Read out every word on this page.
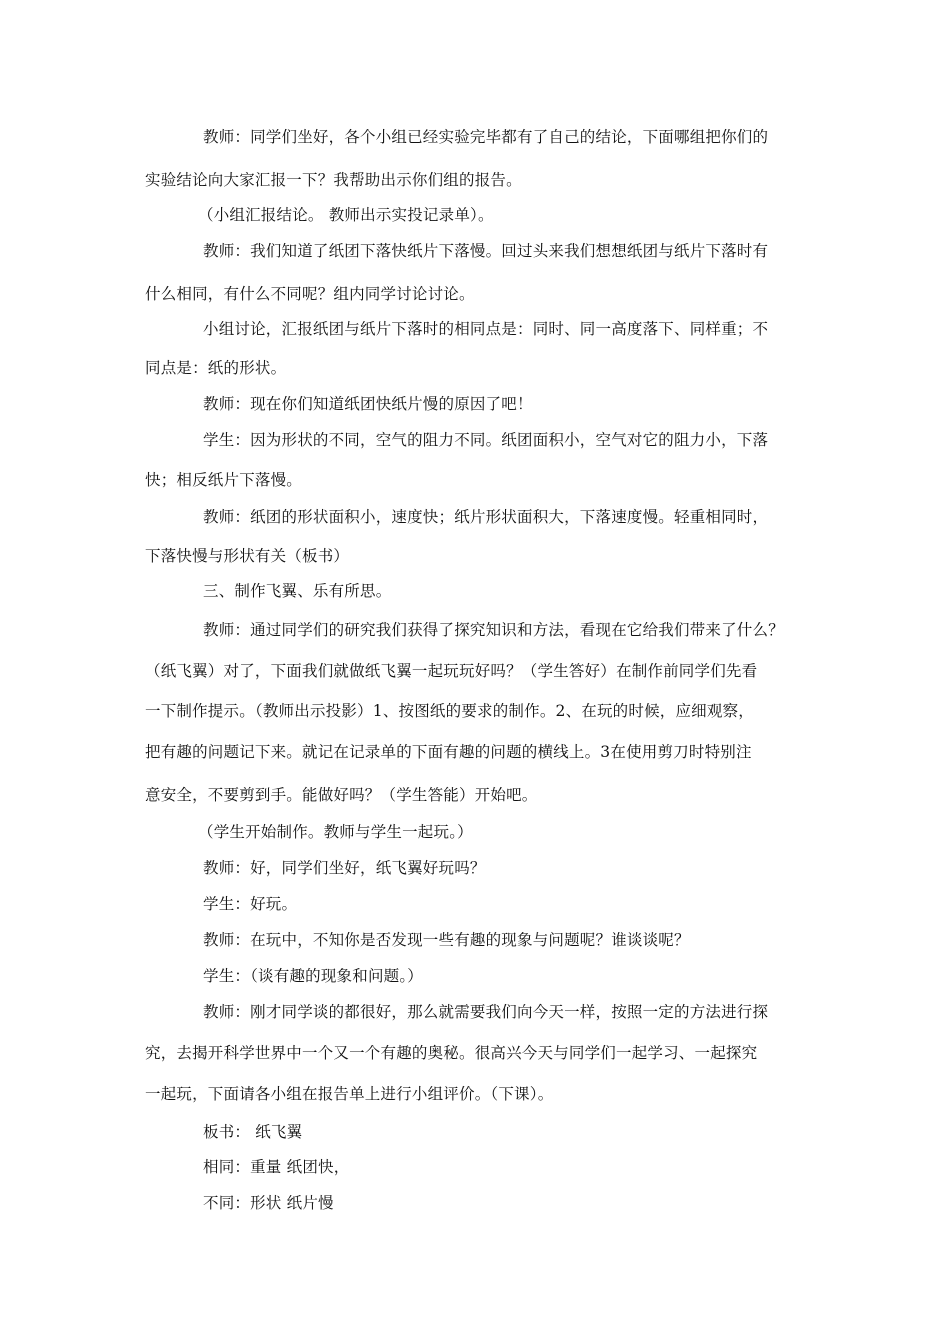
教师：同学们坐好，各个小组已经实验完毕都有了自己的结论，下面哪组把你们的
实验结论向大家汇报一下？我帮助出示你们组的报告。
（小组汇报结论。 教师出示实投记录单）。
教师：我们知道了纸团下落快纸片下落慢。回过头来我们想想纸团与纸片下落时有
什么相同，有什么不同呢？组内同学讨论讨论。
小组讨论，汇报纸团与纸片下落时的相同点是：同时、同一高度落下、同样重；不
同点是：纸的形状。
教师：现在你们知道纸团快纸片慢的原因了吧！
学生：因为形状的不同，空气的阻力不同。纸团面积小，空气对它的阻力小，下落
快；相反纸片下落慢。
教师：纸团的形状面积小，速度快；纸片形状面积大，下落速度慢。轻重相同时，
下落快慢与形状有关（板书）
三、制作飞翼、乐有所思。
教师：通过同学们的研究我们获得了探究知识和方法，看现在它给我们带来了什么？
（纸飞翼）对了，下面我们就做纸飞翼一起玩玩好吗？（学生答好）在制作前同学们先看
一下制作提示。（教师出示投影）1、按图纸的要求的制作。2、在玩的时候，应细观察，
把有趣的问题记下来。就记在记录单的下面有趣的问题的横线上。3在使用剪刀时特别注
意安全，不要剪到手。能做好吗？（学生答能）开始吧。
（学生开始制作。教师与学生一起玩。）
教师：好，同学们坐好，纸飞翼好玩吗？
学生：好玩。
教师：在玩中，不知你是否发现一些有趣的现象与问题呢？谁谈谈呢？
学生：（谈有趣的现象和问题。）
教师：刚才同学谈的都很好，那么就需要我们向今天一样，按照一定的方法进行探
究，去揭开科学世界中一个又一个有趣的奥秘。很高兴今天与同学们一起学习、一起探究
一起玩，下面请各小组在报告单上进行小组评价。（下课）。
板书： 纸飞翼
相同：重量 纸团快，
不同：形状 纸片慢
